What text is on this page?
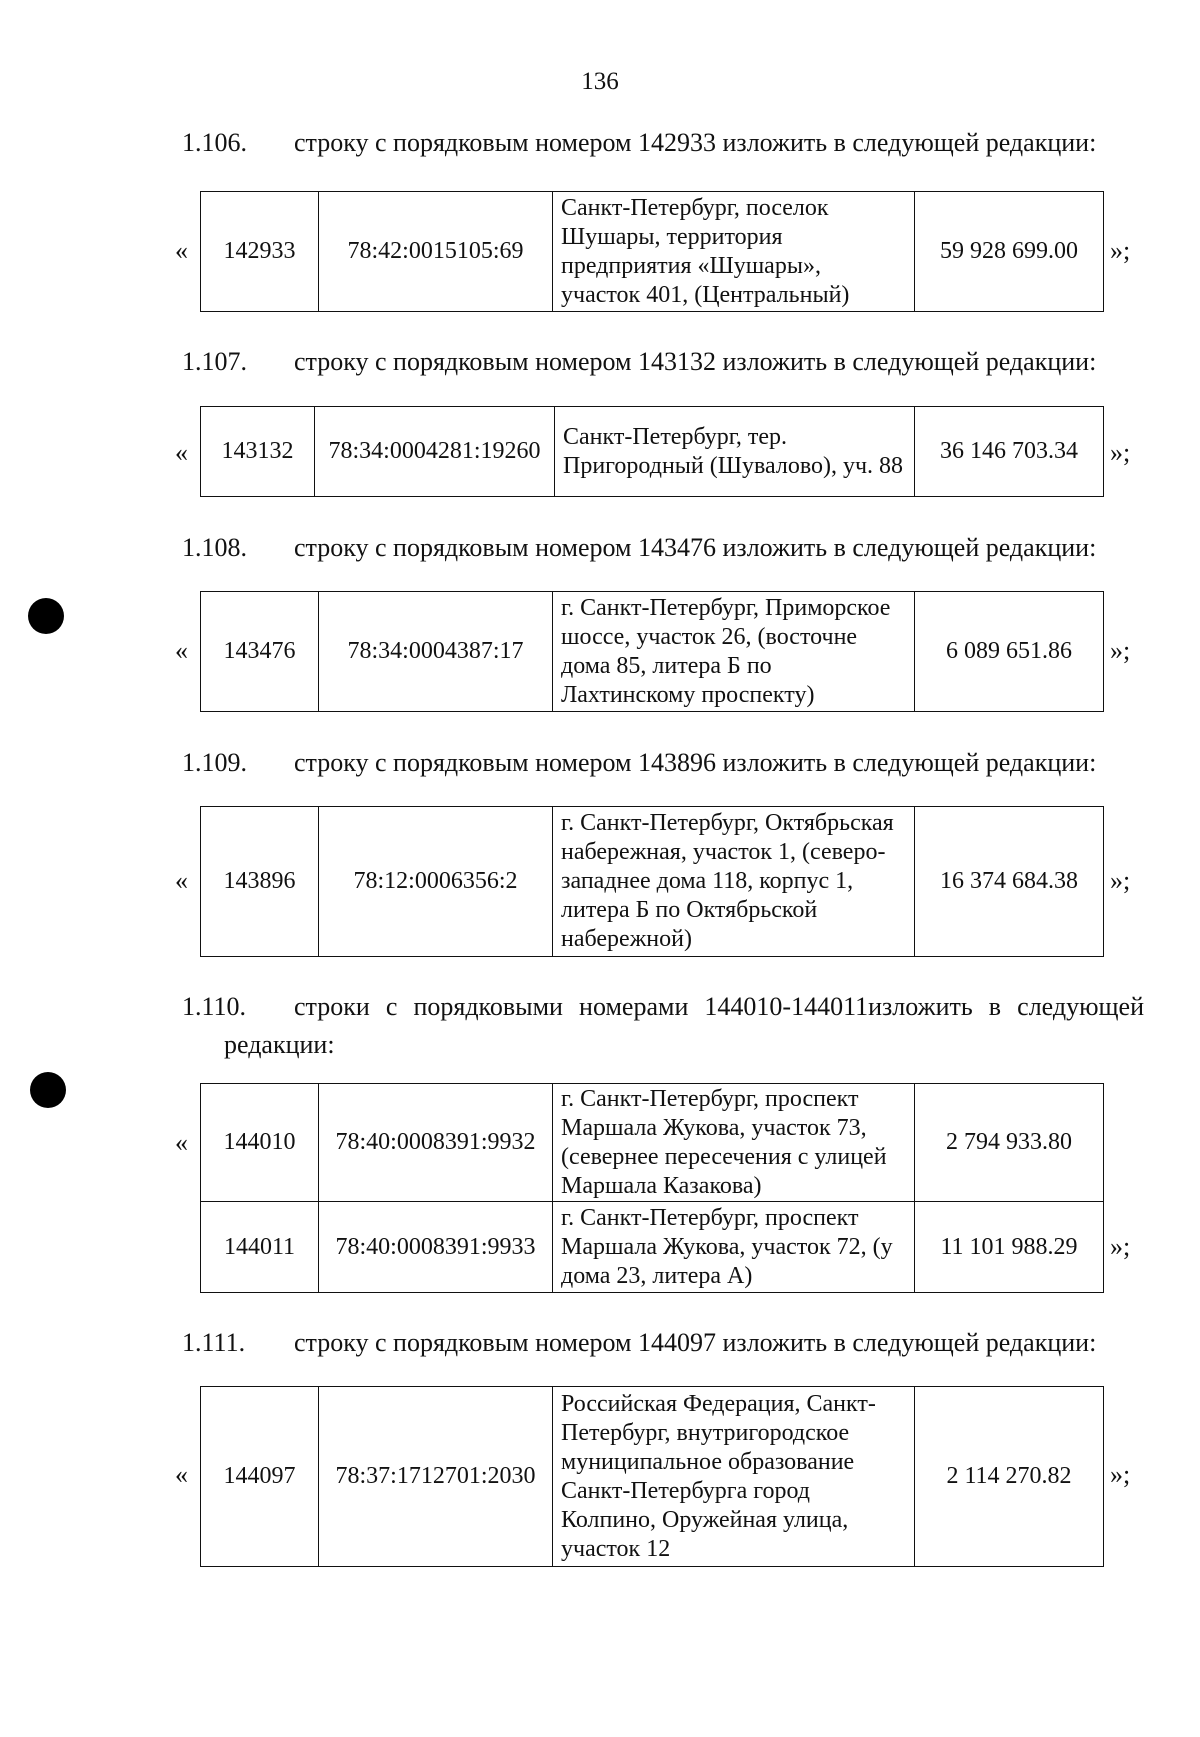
136
1.106.	строку с порядковым номером 142933 изложить в следующей редакции:
«	»;
142933	78:42:0015105:69	Санкт-Петербург, поселок Шушары, территория предприятия «Шушары», участок 401, (Центральный)	59 928 699.00
1.107.	строку с порядковым номером 143132 изложить в следующей редакции:
«	»;
143132	78:34:0004281:19260	Санкт-Петербург, тер. Пригородный (Шувалово), уч. 88	36 146 703.34
1.108.	строку с порядковым номером 143476 изложить в следующей редакции:
«	»;
143476	78:34:0004387:17	г. Санкт-Петербург, Приморское шоссе, участок 26, (восточне дома 85, литера Б по Лахтинскому проспекту)	6 089 651.86
1.109.	строку с порядковым номером 143896 изложить в следующей редакции:
«	»;
143896	78:12:0006356:2	г. Санкт-Петербург, Октябрьская набережная, участок 1, (северо-западнее дома 118, корпус 1, литера Б по Октябрьской набережной)	16 374 684.38
1.110.	строки с порядковыми номерами 144010-144011изложить в следующей
редакции:
«
»;
144010	78:40:0008391:9932	г. Санкт-Петербург, проспект Маршала Жукова, участок 73, (севернее пересечения с улицей Маршала Казакова)	2 794 933.80
144011	78:40:0008391:9933	г. Санкт-Петербург, проспект Маршала Жукова, участок 72, (у дома 23, литера А)	11 101 988.29
1.111.	строку с порядковым номером 144097 изложить в следующей редакции:
«	»;
144097	78:37:1712701:2030	Российская Федерация, Санкт-Петербург, внутригородское муниципальное образование Санкт-Петербурга город Колпино, Оружейная улица, участок 12	2 114 270.82
